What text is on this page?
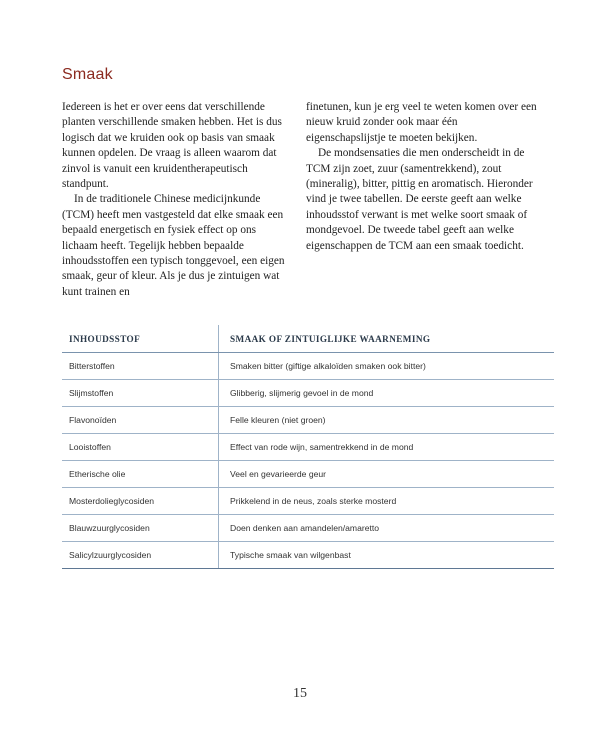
Smaak

Iedereen is het er over eens dat verschillende planten verschillende smaken hebben. Het is dus logisch dat we kruiden ook op basis van smaak kunnen opdelen. De vraag is alleen waarom dat zinvol is vanuit een kruidentherapeutisch standpunt.

In de traditionele Chinese medicijnkunde (TCM) heeft men vastgesteld dat elke smaak een bepaald energetisch en fysiek effect op ons lichaam heeft. Tegelijk hebben bepaalde inhoudsstoffen een typisch tonggevoel, een eigen smaak, geur of kleur. Als je dus je zintuigen wat kunt trainen en

finetunen, kun je erg veel te weten komen over een nieuw kruid zonder ook maar één eigenschapslijstje te moeten bekijken.

De mondsensaties die men onderscheidt in de TCM zijn zoet, zuur (samentrekkend), zout (mineralig), bitter, pittig en aromatisch. Hieronder vind je twee tabellen. De eerste geeft aan welke inhoudsstof verwant is met welke soort smaak of mondgevoel. De tweede tabel geeft aan welke eigenschappen de TCM aan een smaak toedicht.

INHOUDSSTOF	SMAAK OF ZINTUIGLIJKE WAARNEMING
Bitterstoffen	Smaken bitter (giftige alkaloïden smaken ook bitter)
Slijmstoffen	Glibberig, slijmerig gevoel in de mond
Flavonoïden	Felle kleuren (niet groen)
Looistoffen	Effect van rode wijn, samentrekkend in de mond
Etherische olie	Veel en gevarieerde geur
Mosterdolieglycosiden	Prikkelend in de neus, zoals sterke mosterd
Blauwzuurglycosiden	Doen denken aan amandelen/amaretto
Salicylzuurglycosiden	Typische smaak van wilgenbast
15
